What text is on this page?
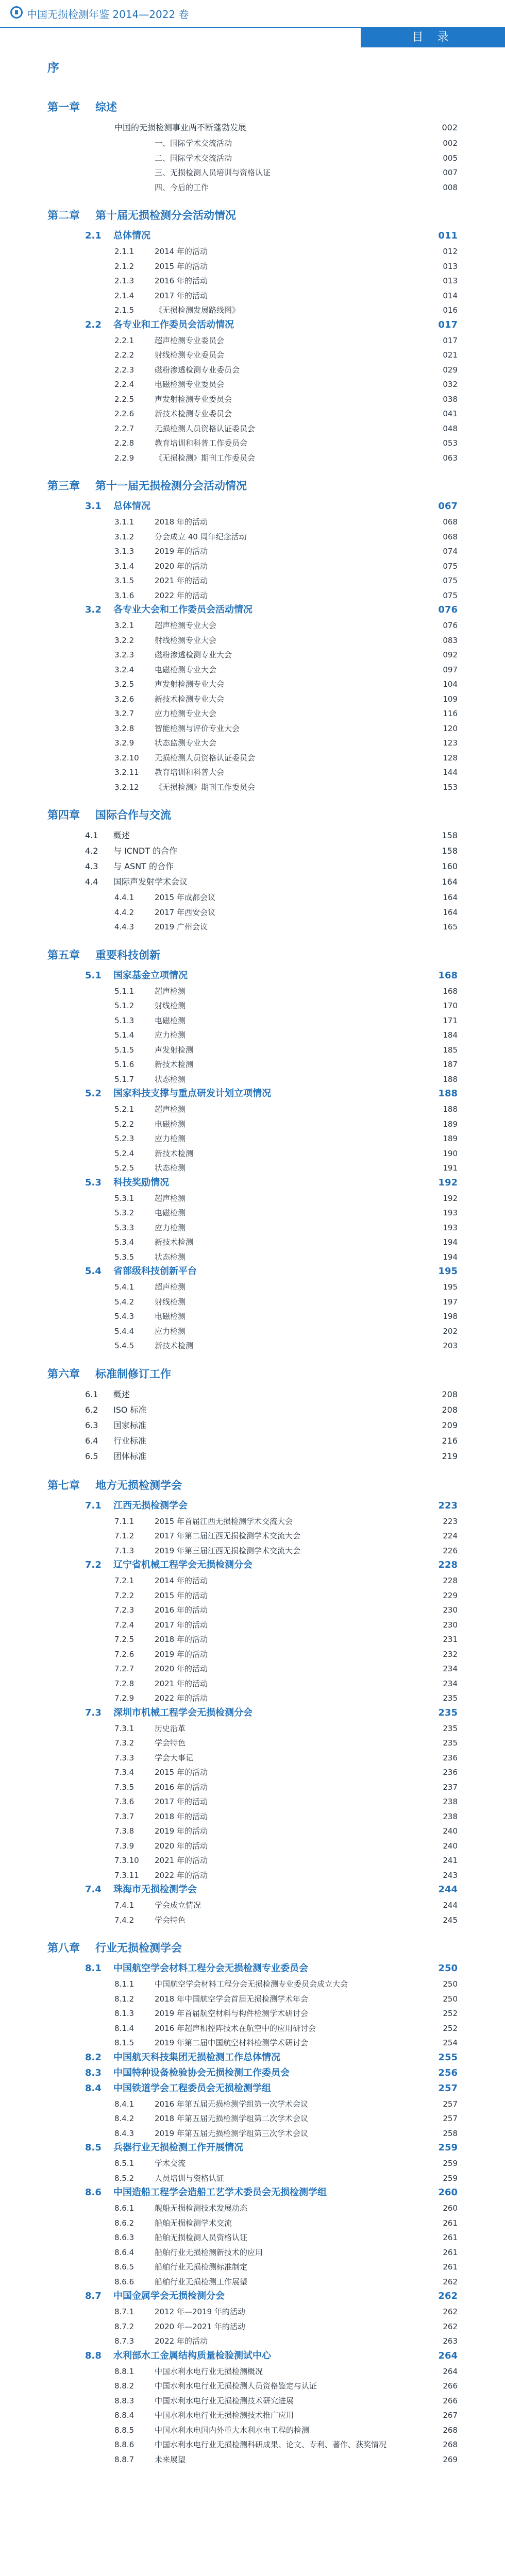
中国无损检测年鉴 2014—2022 卷
目 录
序
第一章 综述
中国的无损检测事业两不断蓬勃发展	002
一、国际学术交流活动	002
二、国际学术交流活动	005
三、无损检测人员培训与资格认证	007
四、今后的工作	008
第二章 第十届无损检测分会活动情况
2.1 总体情况	011
2.1.1	2014 年的活动	012
2.1.2	2015 年的活动	013
2.1.3	2016 年的活动	013
2.1.4	2017 年的活动	014
2.1.5	《无损检测发展路线图》	016
2.2 各专业和工作委员会活动情况	017
2.2.1	超声检测专业委员会	017
2.2.2	射线检测专业委员会	021
2.2.3	磁粉渗透检测专业委员会	029
2.2.4	电磁检测专业委员会	032
2.2.5	声发射检测专业委员会	038
2.2.6	新技术检测专业委员会	041
2.2.7	无损检测人员资格认证委员会	048
2.2.8	教育培训和科普工作委员会	053
2.2.9	《无损检测》期刊工作委员会	063
第三章 第十一届无损检测分会活动情况
3.1 总体情况	067
3.1.1	2018 年的活动	068
3.1.2	分会成立 40 周年纪念活动	068
3.1.3	2019 年的活动	074
3.1.4	2020 年的活动	075
3.1.5	2021 年的活动	075
3.1.6	2022 年的活动	075
3.2 各专业大会和工作委员会活动情况	076
3.2.1	超声检测专业大会	076
3.2.2	射线检测专业大会	083
3.2.3	磁粉渗透检测专业大会	092
3.2.4	电磁检测专业大会	097
3.2.5	声发射检测专业大会	104
3.2.6	新技术检测专业大会	109
3.2.7	应力检测专业大会	116
3.2.8	智能检测与评价专业大会	120
3.2.9	状态监测专业大会	123
3.2.10 无损检测人员资格认证委员会	128
3.2.11 教育培训和科普大会	144
3.2.12 《无损检测》期刊工作委员会	153
第四章 国际合作与交流
4.1 概述	158
4.2 与 ICNDT 的合作	158
4.3 与 ASNT 的合作	160
4.4 国际声发射学术会议	164
4.4.1	2015 年成都会议	164
4.4.2	2017 年西安会议	164
4.4.3	2019 广州会议	165
第五章 重要科技创新
5.1 国家基金立项情况	168
5.1.1	超声检测	168
5.1.2	射线检测	170
5.1.3	电磁检测	171
5.1.4	应力检测	184
5.1.5	声发射检测	185
5.1.6	新技术检测	187
5.1.7	状态检测	188
5.2 国家科技支撑与重点研发计划立项情况	188
5.2.1	超声检测	188
5.2.2	电磁检测	189
5.2.3	应力检测	189
5.2.4	新技术检测	190
5.2.5	状态检测	191
5.3 科技奖励情况	192
5.3.1	超声检测	192
5.3.2	电磁检测	193
5.3.3	应力检测	193
5.3.4	新技术检测	194
5.3.5	状态检测	194
5.4 省部级科技创新平台	195
5.4.1	超声检测	195
5.4.2	射线检测	197
5.4.3	电磁检测	198
5.4.4	应力检测	202
5.4.5	新技术检测	203
第六章 标准制修订工作
6.1 概述	208
6.2 ISO 标准	208
6.3 国家标准	209
6.4 行业标准	216
6.5 团体标准	219
第七章 地方无损检测学会
7.1 江西无损检测学会	223
7.1.1	2015 年首届江西无损检测学术交流大会	223
7.1.2	2017 年第二届江西无损检测学术交流大会	224
7.1.3	2019 年第三届江西无损检测学术交流大会	226
7.2 辽宁省机械工程学会无损检测分会	228
7.2.1	2014 年的活动	228
7.2.2	2015 年的活动	229
7.2.3	2016 年的活动	230
7.2.4	2017 年的活动	230
7.2.5	2018 年的活动	231
7.2.6	2019 年的活动	232
7.2.7	2020 年的活动	234
7.2.8	2021 年的活动	234
7.2.9	2022 年的活动	235
7.3 深圳市机械工程学会无损检测分会	235
7.3.1	历史沿革	235
7.3.2	学会特色	235
7.3.3	学会大事记	236
7.3.4	2015 年的活动	236
7.3.5	2016 年的活动	237
7.3.6	2017 年的活动	238
7.3.7	2018 年的活动	238
7.3.8	2019 年的活动	240
7.3.9	2020 年的活动	240
7.3.10 2021 年的活动	241
7.3.11 2022 年的活动	243
7.4 珠海市无损检测学会	244
7.4.1	学会成立情况	244
7.4.2	学会特色	245
第八章 行业无损检测学会
8.1 中国航空学会材料工程分会无损检测专业委员会	250
8.1.1	中国航空学会材料工程分会无损检测专业委员会成立大会	250
8.1.2	2018 年中国航空学会首届无损检测学术年会	250
8.1.3	2019 年首届航空材料与构件检测学术研讨会	252
8.1.4	2016 年超声相控阵技术在航空中的应用研讨会	252
8.1.5	2019 年第二届中国航空材料检测学术研讨会	254
8.2 中国航天科技集团无损检测工作总体情况	255
8.3 中国特种设备检验协会无损检测工作委员会	256
8.4 中国铁道学会工程委员会无损检测学组	257
8.4.1	2016 年第五届无损检测学组第一次学术会议	257
8.4.2	2018 年第五届无损检测学组第二次学术会议	257
8.4.3	2019 年第五届无损检测学组第三次学术会议	258
8.5 兵器行业无损检测工作开展情况	259
8.5.1	学术交流	259
8.5.2	人员培训与资格认证	259
8.6 中国造船工程学会造船工艺学术委员会无损检测学组	260
8.6.1	舰船无损检测技术发展动态	260
8.6.2	船舶无损检测学术交流	261
8.6.3	船舶无损检测人员资格认证	261
8.6.4	船舶行业无损检测新技术的应用	261
8.6.5	船舶行业无损检测标准制定	261
8.6.6	船舶行业无损检测工作展望	262
8.7 中国金属学会无损检测分会	262
8.7.1	2012 年—2019 年的活动	262
8.7.2	2020 年—2021 年的活动	262
8.7.3	2022 年的活动	263
8.8 水利部水工金属结构质量检验测试中心	264
8.8.1	中国水利水电行业无损检测概况	264
8.8.2	中国水利水电行业无损检测人员资格鉴定与认证	266
8.8.3	中国水利水电行业无损检测技术研究进展	266
8.8.4	中国水利水电行业无损检测技术推广应用	267
8.8.5	中国水利水电国内外重大水利水电工程的检测	268
8.8.6	中国水利水电行业无损检测科研成果、论文、专利、著作、获奖情况	268
8.8.7	未来展望	269
